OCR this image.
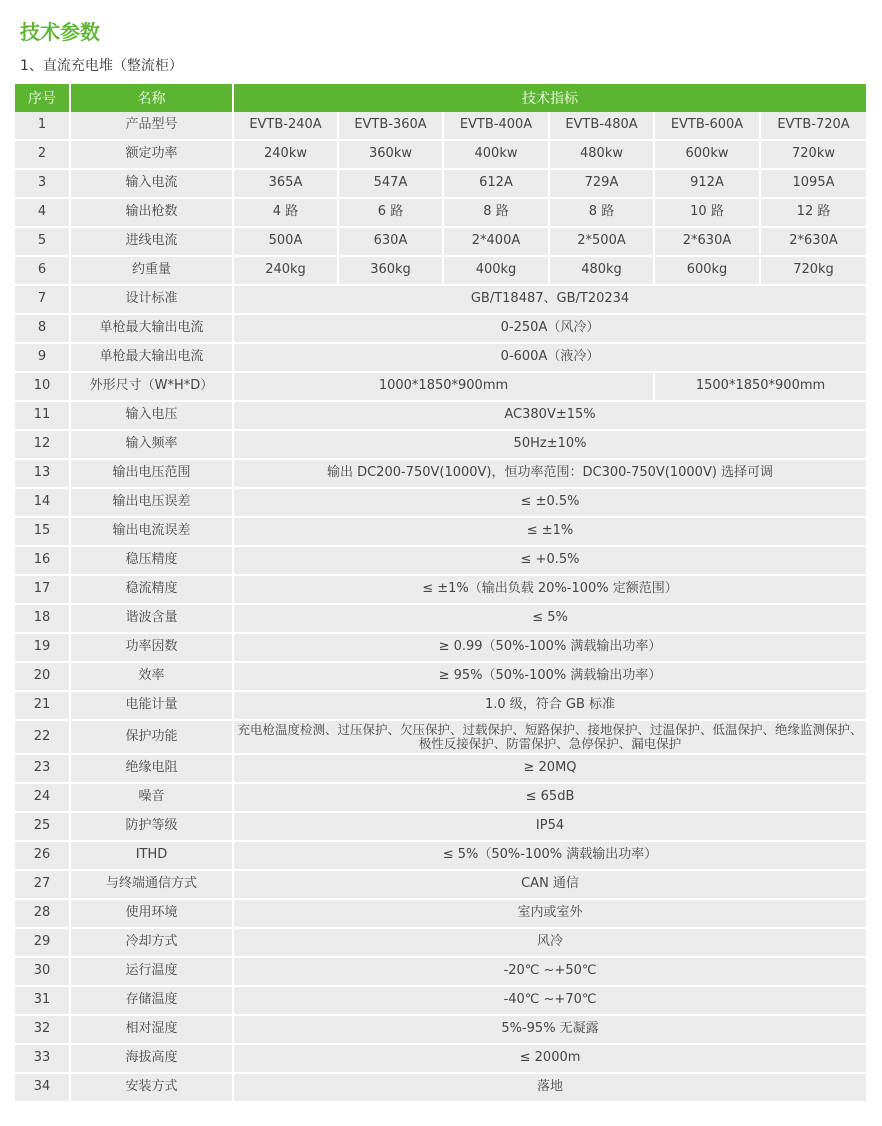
技术参数
1、直流充电堆（整流柜）
序号	名称	技术指标					
1	产品型号	EVTB-240A	EVTB-360A	EVTB-400A	EVTB-480A	EVTB-600A	EVTB-720A
2	额定功率	240kw	360kw	400kw	480kw	600kw	720kw
3	输入电流	365A	547A	612A	729A	912A	1095A
4	输出枪数	4 路	6 路	8 路	8 路	10 路	12 路
5	进线电流	500A	630A	2*400A	2*500A	2*630A	2*630A
6	约重量	240kg	360kg	400kg	480kg	600kg	720kg
7	设计标准	GB/T18487、GB/T20234					
8	单枪最大输出电流	0-250A（风冷）					
9	单枪最大输出电流	0-600A（液冷）					
10	外形尺寸（W*H*D）	1000*1850*900mm				1500*1850*900mm	
11	输入电压	AC380V±15%					
12	输入频率	50Hz±10%					
13	输出电压范围	输出 DC200-750V(1000V)，恒功率范围：DC300-750V(1000V) 选择可调					
14	输出电压误差	≤ ±0.5%					
15	输出电流误差	≤ ±1%					
16	稳压精度	≤ +0.5%					
17	稳流精度	≤ ±1%（输出负载 20%-100% 定额范围）					
18	谐波含量	≤ 5%					
19	功率因数	≥ 0.99（50%-100% 满载输出功率）					
20	效率	≥ 95%（50%-100% 满载输出功率）					
21	电能计量	1.0 级，符合 GB 标准					
22	保护功能	充电枪温度检测、过压保护、欠压保护、过载保护、短路保护、接地保护、过温保护、低温保护、绝缘监测保护、极性反接保护、防雷保护、急停保护、漏电保护					
23	绝缘电阻	≥ 20MQ					
24	噪音	≤ 65dB					
25	防护等级	IP54					
26	ITHD	≤ 5%（50%-100% 满载输出功率）					
27	与终端通信方式	CAN 通信					
28	使用环境	室内或室外					
29	冷却方式	风冷					
30	运行温度	-20℃ ~+50℃					
31	存储温度	-40℃ ~+70℃					
32	相对湿度	5%-95% 无凝露					
33	海拔高度	≤ 2000m					
34	安装方式	落地					
